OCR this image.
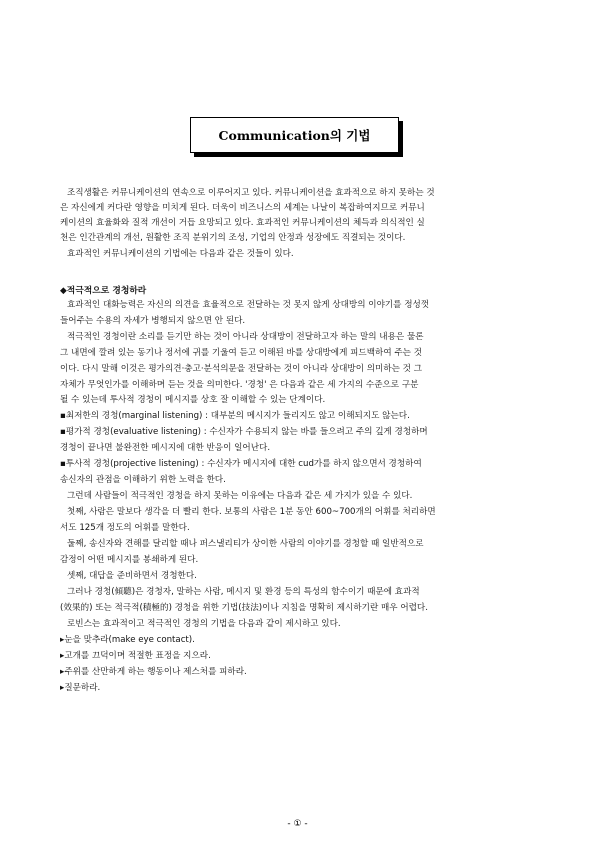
Communication의 기법
조직생활은 커뮤니케이션의 연속으로 이루어지고 있다. 커뮤니케이션을 효과적으로 하지 못하는 것
은 자신에게 커다란 영향을 미치게 된다. 더욱이 비즈니스의 세계는 나날이 복잡하여지므로 커뮤니
케이션의 효율화와 질적 개선이 거듭 요망되고 있다. 효과적인 커뮤니케이션의 체득과 의식적인 실
천은 인간관계의 개선, 원활한 조직 분위기의 조성, 기업의 안정과 성장에도 직결되는 것이다.
효과적인 커뮤니케이션의 기법에는 다음과 같은 것들이 있다.
◆적극적으로 경청하라
효과적인 대화능력은 자신의 의견을 효율적으로 전달하는 것 못지 않게 상대방의 이야기를 정성껏
들어주는 수용의 자세가 병행되지 않으면 안 된다.
적극적인 경청이란 소리를 듣기만 하는 것이 아니라 상대방이 전달하고자 하는 말의 내용은 물론
그 내면에 깔려 있는 동기나 정서에 귀를 기울여 듣고 이해된 바를 상대방에게 피드백하여 주는 것
이다. 다시 말해 이것은 평가의견·충고·분석의문을 전달하는 것이 아니라 상대방이 의미하는 것 그
자체가 무엇인가를 이해하며 듣는 것을 의미한다. '경청' 은 다음과 같은 세 가지의 수준으로 구분
될 수 있는데 투사적 경청이 메시지를 상호 잘 이해할 수 있는 단계이다.
▪최저한의 경청(marginal listening) : 대부분의 메시지가 들리지도 않고 이해되지도 않는다.
▪평가적 경청(evaluative listening) : 수신자가 수용되지 않는 바를 들으려고 주의 깊게 경청하며
경청이 끝나면 불완전한 메시지에 대한 반응이 일어난다.
▪투사적 경청(projective listening) : 수신자가 메시지에 대한 cud가를 하지 않으면서 경청하여
송신자의 관점을 이해하기 위한 노력을 한다.
그런데 사람들이 적극적인 경청을 하지 못하는 이유에는 다음과 같은 세 가지가 있을 수 있다.
첫째, 사람은 말보다 생각을 더 빨리 한다. 보통의 사람은 1분 동안 600~700개의 어휘를 처리하면
서도 125개 정도의 어휘를 말한다.
둘째, 송신자와 견해를 달리할 때나 퍼스낼리티가 상이한 사람의 이야기를 경청할 때 일반적으로
감정이 어떤 메시지를 봉쇄하게 된다.
셋째, 대답을 준비하면서 경청한다.
그러나 경청(傾聽)은 경청자, 말하는 사람, 메시지 및 환경 등의 특성의 함수이기 때문에 효과적
(效果的) 또는 적극적(積極的) 경청을 위한 기법(技法)이나 지침을 명확히 제시하기란 매우 어렵다.
로빈스는 효과적이고 적극적인 경청의 기법을 다음과 같이 제시하고 있다.
▸눈을 맞추라(make eye contact).
▸고개를 끄덕이며 적절한 표정을 지으라.
▸주위를 산만하게 하는 행동이나 제스처를 피하라.
▸질문하라.
- ① -
